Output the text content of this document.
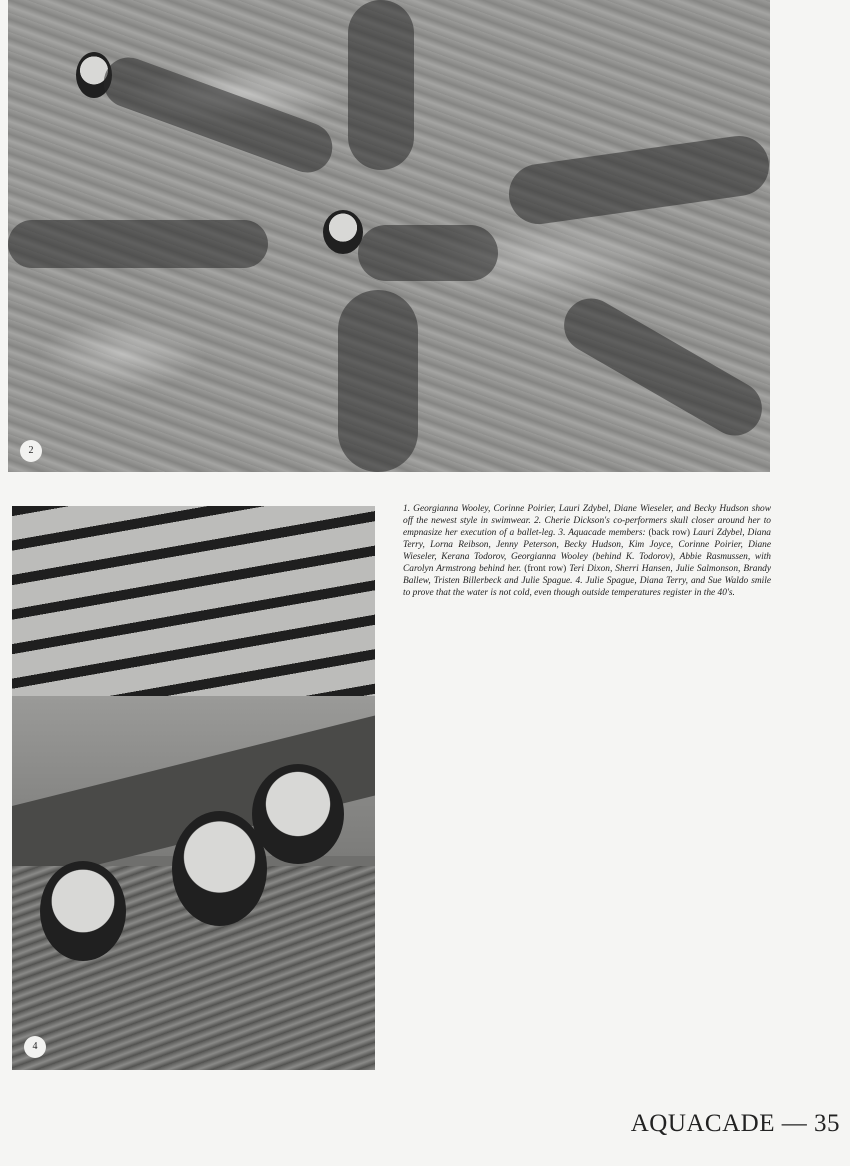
2
4
1. Georgianna Wooley, Corinne Poirier, Lauri Zdybel, Diane Wieseler, and Becky Hudson show off the newest style in swimwear. 2. Cherie Dickson's co-performers skull closer around her to empnasize her execution of a ballet-leg. 3. Aquacade members: (back row) Lauri Zdybel, Diana Terry, Lorna Reibson, Jenny Peterson, Becky Hudson, Kim Joyce, Corinne Poirier, Diane Wieseler, Kerana Todorov, Georgianna Wooley (behind K. Todorov), Abbie Rasmussen, with Carolyn Armstrong behind her. (front row) Teri Dixon, Sherri Hansen, Julie Salmonson, Brandy Ballew, Tristen Billerbeck and Julie Spague. 4. Julie Spague, Diana Terry, and Sue Waldo smile to prove that the water is not cold, even though outside temperatures register in the 40's.
AQUACADE — 35
